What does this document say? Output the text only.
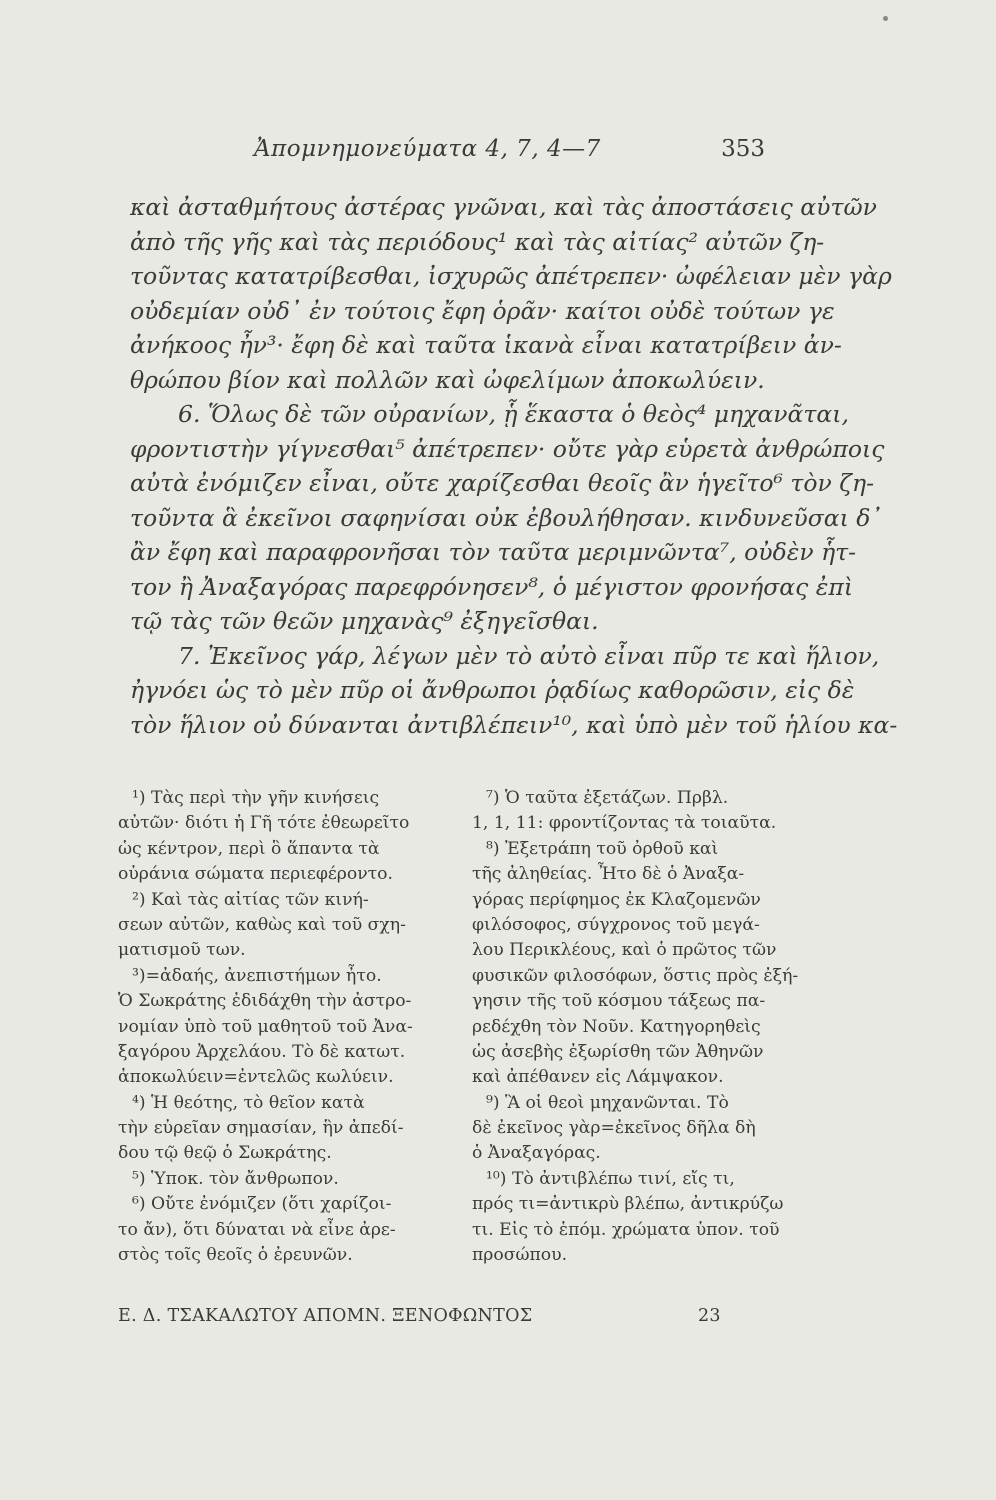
Ἀπομνημονεύματα 4, 7, 4—7	353
καὶ ἀσταθμήτους ἀστέρας γνῶναι, καὶ τὰς ἀποστάσεις αὐτῶν
ἀπὸ τῆς γῆς καὶ τὰς περιόδους¹ καὶ τὰς αἰτίας² αὐτῶν ζη-
τοῦντας κατατρίβεσθαι, ἰσχυρῶς ἀπέτρεπεν· ὠφέλειαν μὲν γὰρ
οὐδεμίαν οὐδ᾽ ἐν τούτοις ἔφη ὁρᾶν· καίτοι οὐδὲ τούτων γε
ἀνήκοος ἦν³· ἔφη δὲ καὶ ταῦτα ἱκανὰ εἶναι κατατρίβειν ἀν-
θρώπου βίον καὶ πολλῶν καὶ ὠφελίμων ἀποκωλύειν.
6. Ὅλως δὲ τῶν οὐρανίων, ᾗ ἕκαστα ὁ θεὸς⁴ μηχανᾶται,
φροντιστὴν γίγνεσθαι⁵ ἀπέτρεπεν· οὔτε γὰρ εὑρετὰ ἀνθρώποις
αὐτὰ ἐνόμιζεν εἶναι, οὔτε χαρίζεσθαι θεοῖς ἂν ἡγεῖτο⁶ τὸν ζη-
τοῦντα ἃ ἐκεῖνοι σαφηνίσαι οὐκ ἐβουλήθησαν. κινδυνεῦσαι δ᾽
ἂν ἔφη καὶ παραφρονῆσαι τὸν ταῦτα μεριμνῶντα⁷, οὐδὲν ἧτ-
τον ἢ Ἀναξαγόρας παρεφρόνησεν⁸, ὁ μέγιστον φρονήσας ἐπὶ
τῷ τὰς τῶν θεῶν μηχανὰς⁹ ἐξηγεῖσθαι.
7. Ἐκεῖνος γάρ, λέγων μὲν τὸ αὐτὸ εἶναι πῦρ τε καὶ ἥλιον,
ἠγνόει ὡς τὸ μὲν πῦρ οἱ ἄνθρωποι ῥᾳδίως καθορῶσιν, εἰς δὲ
τὸν ἥλιον οὐ δύνανται ἀντιβλέπειν¹⁰, καὶ ὑπὸ μὲν τοῦ ἡλίου κα-
¹) Τὰς περὶ τὴν γῆν κινήσεις
αὐτῶν· διότι ἡ Γῆ τότε ἐθεωρεῖτο
ὡς κέντρον, περὶ ὃ ἅπαντα τὰ
οὐράνια σώματα περιεφέροντο.
²) Καὶ τὰς αἰτίας τῶν κινή-
σεων αὐτῶν, καθὼς καὶ τοῦ σχη-
ματισμοῦ των.
³)=ἀδαής, ἀνεπιστήμων ἦτο.
Ὁ Σωκράτης ἐδιδάχθη τὴν ἀστρο-
νομίαν ὑπὸ τοῦ μαθητοῦ τοῦ Ἀνα-
ξαγόρου Ἀρχελάου. Τὸ δὲ κατωτ.
ἀποκωλύειν=ἐντελῶς κωλύειν.
⁴) Ἡ θεότης, τὸ θεῖον κατὰ
τὴν εὐρεῖαν σημασίαν, ἣν ἀπεδί-
δου τῷ θεῷ ὁ Σωκράτης.
⁵) Ὑποκ. τὸν ἄνθρωπον.
⁶) Οὔτε ἐνόμιζεν (ὅτι χαρίζοι-
το ἄν), ὅτι δύναται νὰ εἶνε ἀρε-
στὸς τοῖς θεοῖς ὁ ἐρευνῶν.
⁷) Ὁ ταῦτα ἐξετάζων. Πρβλ.
1, 1, 11: φροντίζοντας τὰ τοιαῦτα.
⁸) Ἐξετράπη τοῦ ὀρθοῦ καὶ
τῆς ἀληθείας. Ἦτο δὲ ὁ Ἀναξα-
γόρας περίφημος ἐκ Κλαζομενῶν
φιλόσοφος, σύγχρονος τοῦ μεγά-
λου Περικλέους, καὶ ὁ πρῶτος τῶν
φυσικῶν φιλοσόφων, ὅστις πρὸς ἐξή-
γησιν τῆς τοῦ κόσμου τάξεως πα-
ρεδέχθη τὸν Νοῦν. Κατηγορηθεὶς
ὡς ἀσεβὴς ἐξωρίσθη τῶν Ἀθηνῶν
καὶ ἀπέθανεν εἰς Λάμψακον.
⁹) Ἃ οἱ θεοὶ μηχανῶνται. Τὸ
δὲ ἐκεῖνος γὰρ=ἐκεῖνος δῆλα δὴ
ὁ Ἀναξαγόρας.
¹⁰) Τὸ ἀντιβλέπω τινί, εἴς τι,
πρός τι=ἀντικρὺ βλέπω, ἀντικρύζω
τι. Εἰς τὸ ἑπόμ. χρώματα ὑπον. τοῦ
προσώπου.
Ε. Δ. ΤΣΑΚΑΛΩΤΟΥ ΑΠΟΜΝ. ΞΕΝΟΦΩΝΤΟΣ	23
